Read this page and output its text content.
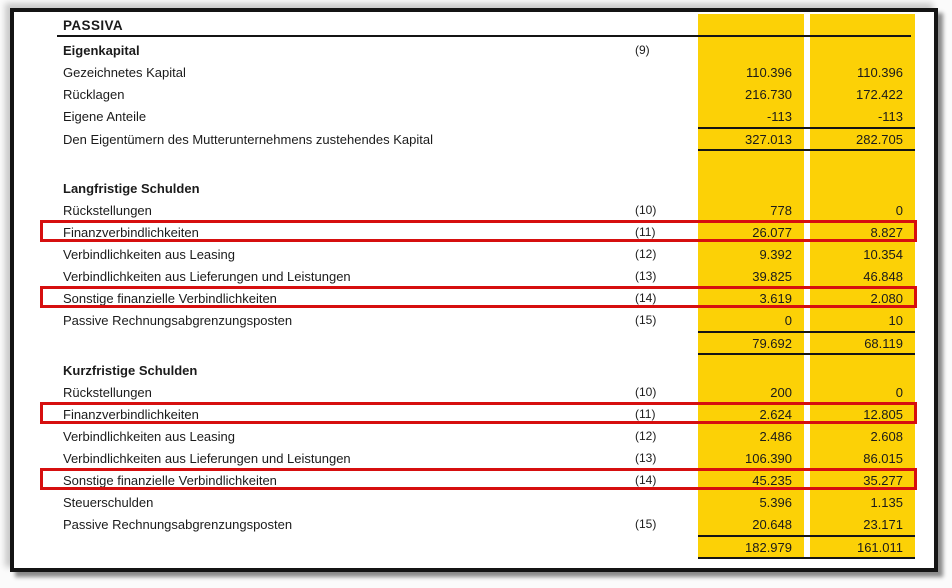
PASSIVA
Eigenkapital	(9)
Gezeichnetes Kapital	110.396	110.396
Rücklagen	216.730	172.422
Eigene Anteile	-113	-113
Den Eigentümern des Mutterunternehmens zustehendes Kapital	327.013	282.705
Langfristige Schulden
Rückstellungen	(10)	778	0
Finanzverbindlichkeiten	(11)	26.077	8.827
Verbindlichkeiten aus Leasing	(12)	9.392	10.354
Verbindlichkeiten aus Lieferungen und Leistungen	(13)	39.825	46.848
Sonstige finanzielle Verbindlichkeiten	(14)	3.619	2.080
Passive Rechnungsabgrenzungsposten	(15)	0	10
79.692	68.119
Kurzfristige Schulden
Rückstellungen	(10)	200	0
Finanzverbindlichkeiten	(11)	2.624	12.805
Verbindlichkeiten aus Leasing	(12)	2.486	2.608
Verbindlichkeiten aus Lieferungen und Leistungen	(13)	106.390	86.015
Sonstige finanzielle Verbindlichkeiten	(14)	45.235	35.277
Steuerschulden	5.396	1.135
Passive Rechnungsabgrenzungsposten	(15)	20.648	23.171
182.979	161.011
